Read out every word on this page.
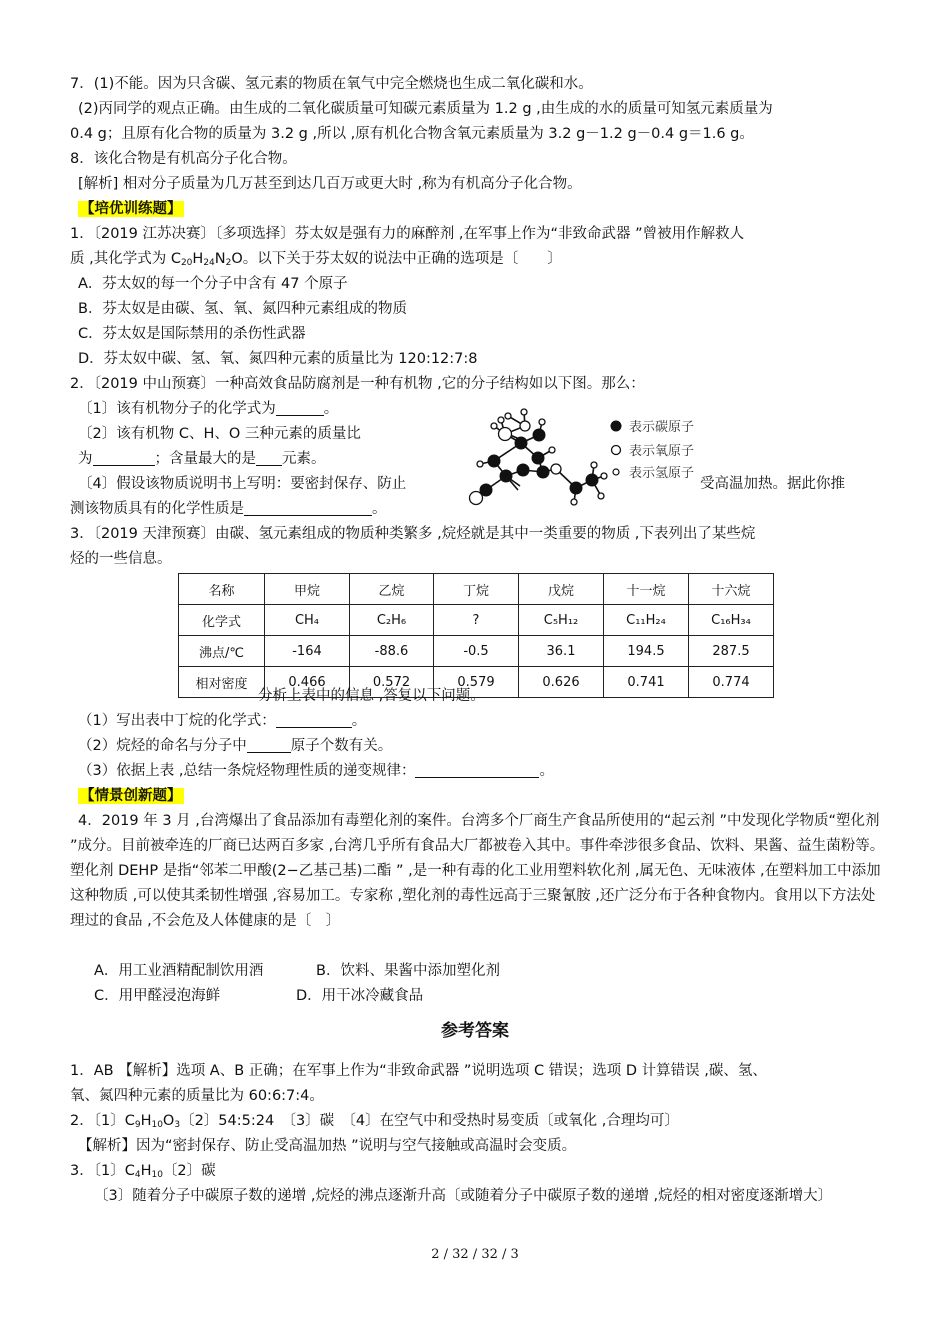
7．(1)不能。因为只含碳、氢元素的物质在氧气中完全燃烧也生成二氧化碳和水。
(2)丙同学的观点正确。由生成的二氧化碳质量可知碳元素质量为 1.2 g ,由生成的水的质量可知氢元素质量为
0.4 g；且原有化合物的质量为 3.2 g ,所以 ,原有机化合物含氧元素质量为 3.2 g－1.2 g－0.4 g＝1.6 g。
8．该化合物是有机高分子化合物。
[解析] 相对分子质量为几万甚至到达几百万或更大时 ,称为有机高分子化合物。
【培优训练题】
1．〔2019 江苏决赛〕〔多项选择〕芬太奴是强有力的麻醉剂 ,在军事上作为“非致命武器 ”曾被用作解救人
质 ,其化学式为 $C_{20}H_{24}N_2O$。以下关于芬太奴的说法中正确的选项是〔　　〕
A．芬太奴的每一个分子中含有 47 个原子
B．芬太奴是由碳、氢、氧、氮四种元素组成的物质
C．芬太奴是国际禁用的杀伤性武器
D．芬太奴中碳、氢、氧、氮四种元素的质量比为 120:12:7:8
2．〔2019 中山预赛〕一种高效食品防腐剂是一种有机物 ,它的分子结构如以下图。那么：
〔1〕该有机物分子的化学式为	。
〔2〕该有机物 C、H、O 三种元素的质量比
为	；含量最大的是 元素。
〔4〕假设该物质说明书上写明：要密封保存、防止	受高温加热。据此你推
测该物质具有的化学性质是	。
表示碳原子
表示氧原子
表示氢原子
3．〔2019 天津预赛〕由碳、氢元素组成的物质种类繁多 ,烷烃就是其中一类重要的物质 ,下表列出了某些烷
烃的一些信息。
名称	甲烷	乙烷	丁烷	戊烷	十一烷	十六烷
化学式	CH₄	C₂H₆	?	C₅H₁₂	C₁₁H₂₄	C₁₆H₃₄
沸点/℃	-164	-88.6	-0.5	36.1	194.5	287.5
相对密度	0.466	0.572	0.579	0.626	0.741	0.774
分析上表中的信息 ,答复以下问题。
（1）写出表中丁烷的化学式：	。
（2）烷烃的命名与分子中	原子个数有关。
（3）依据上表 ,总结一条烷烃物理性质的递变规律：	。
【情景创新题】
4．2019 年 3 月 ,台湾爆出了食品添加有毒塑化剂的案件。台湾多个厂商生产食品所使用的“起云剂 ”中发现化学物质“塑化剂 ”成分。目前被牵连的厂商已达两百多家 ,台湾几乎所有食品大厂都被卷入其中。事件牵涉很多食品、饮料、果酱、益生菌粉等。塑化剂 DEHP 是指“邻苯二甲酸(2−乙基己基)二酯 ” ,是一种有毒的化工业用塑料软化剂 ,属无色、无味液体 ,在塑料加工中添加这种物质 ,可以使其柔韧性增强 ,容易加工。专家称 ,塑化剂的毒性远高于三聚氰胺 ,还广泛分布于各种食物内。食用以下方法处理过的食品 ,不会危及人体健康的是〔　〕
A．用工业酒精配制饮用酒	B．饮料、果酱中添加塑化剂
C．用甲醛浸泡海鲜	D．用干冰冷藏食品
参考答案
1．AB 【解析】选项 A、B 正确；在军事上作为“非致命武器 ”说明选项 C 错误；选项 D 计算错误 ,碳、氢、
氧、氮四种元素的质量比为 60:6:7:4。
2．〔1〕$C_9H_{10}O_3$〔2〕54:5:24　〔3〕碳　〔4〕在空气中和受热时易变质〔或氧化 ,合理均可〕
【解析】因为“密封保存、防止受高温加热 ”说明与空气接触或高温时会变质。
3．〔1〕$C_4H_{10}$〔2〕碳
〔3〕随着分子中碳原子数的递增 ,烷烃的沸点逐渐升高〔或随着分子中碳原子数的递增 ,烷烃的相对密度逐渐增大〕
2 / 32 / 32 / 3
